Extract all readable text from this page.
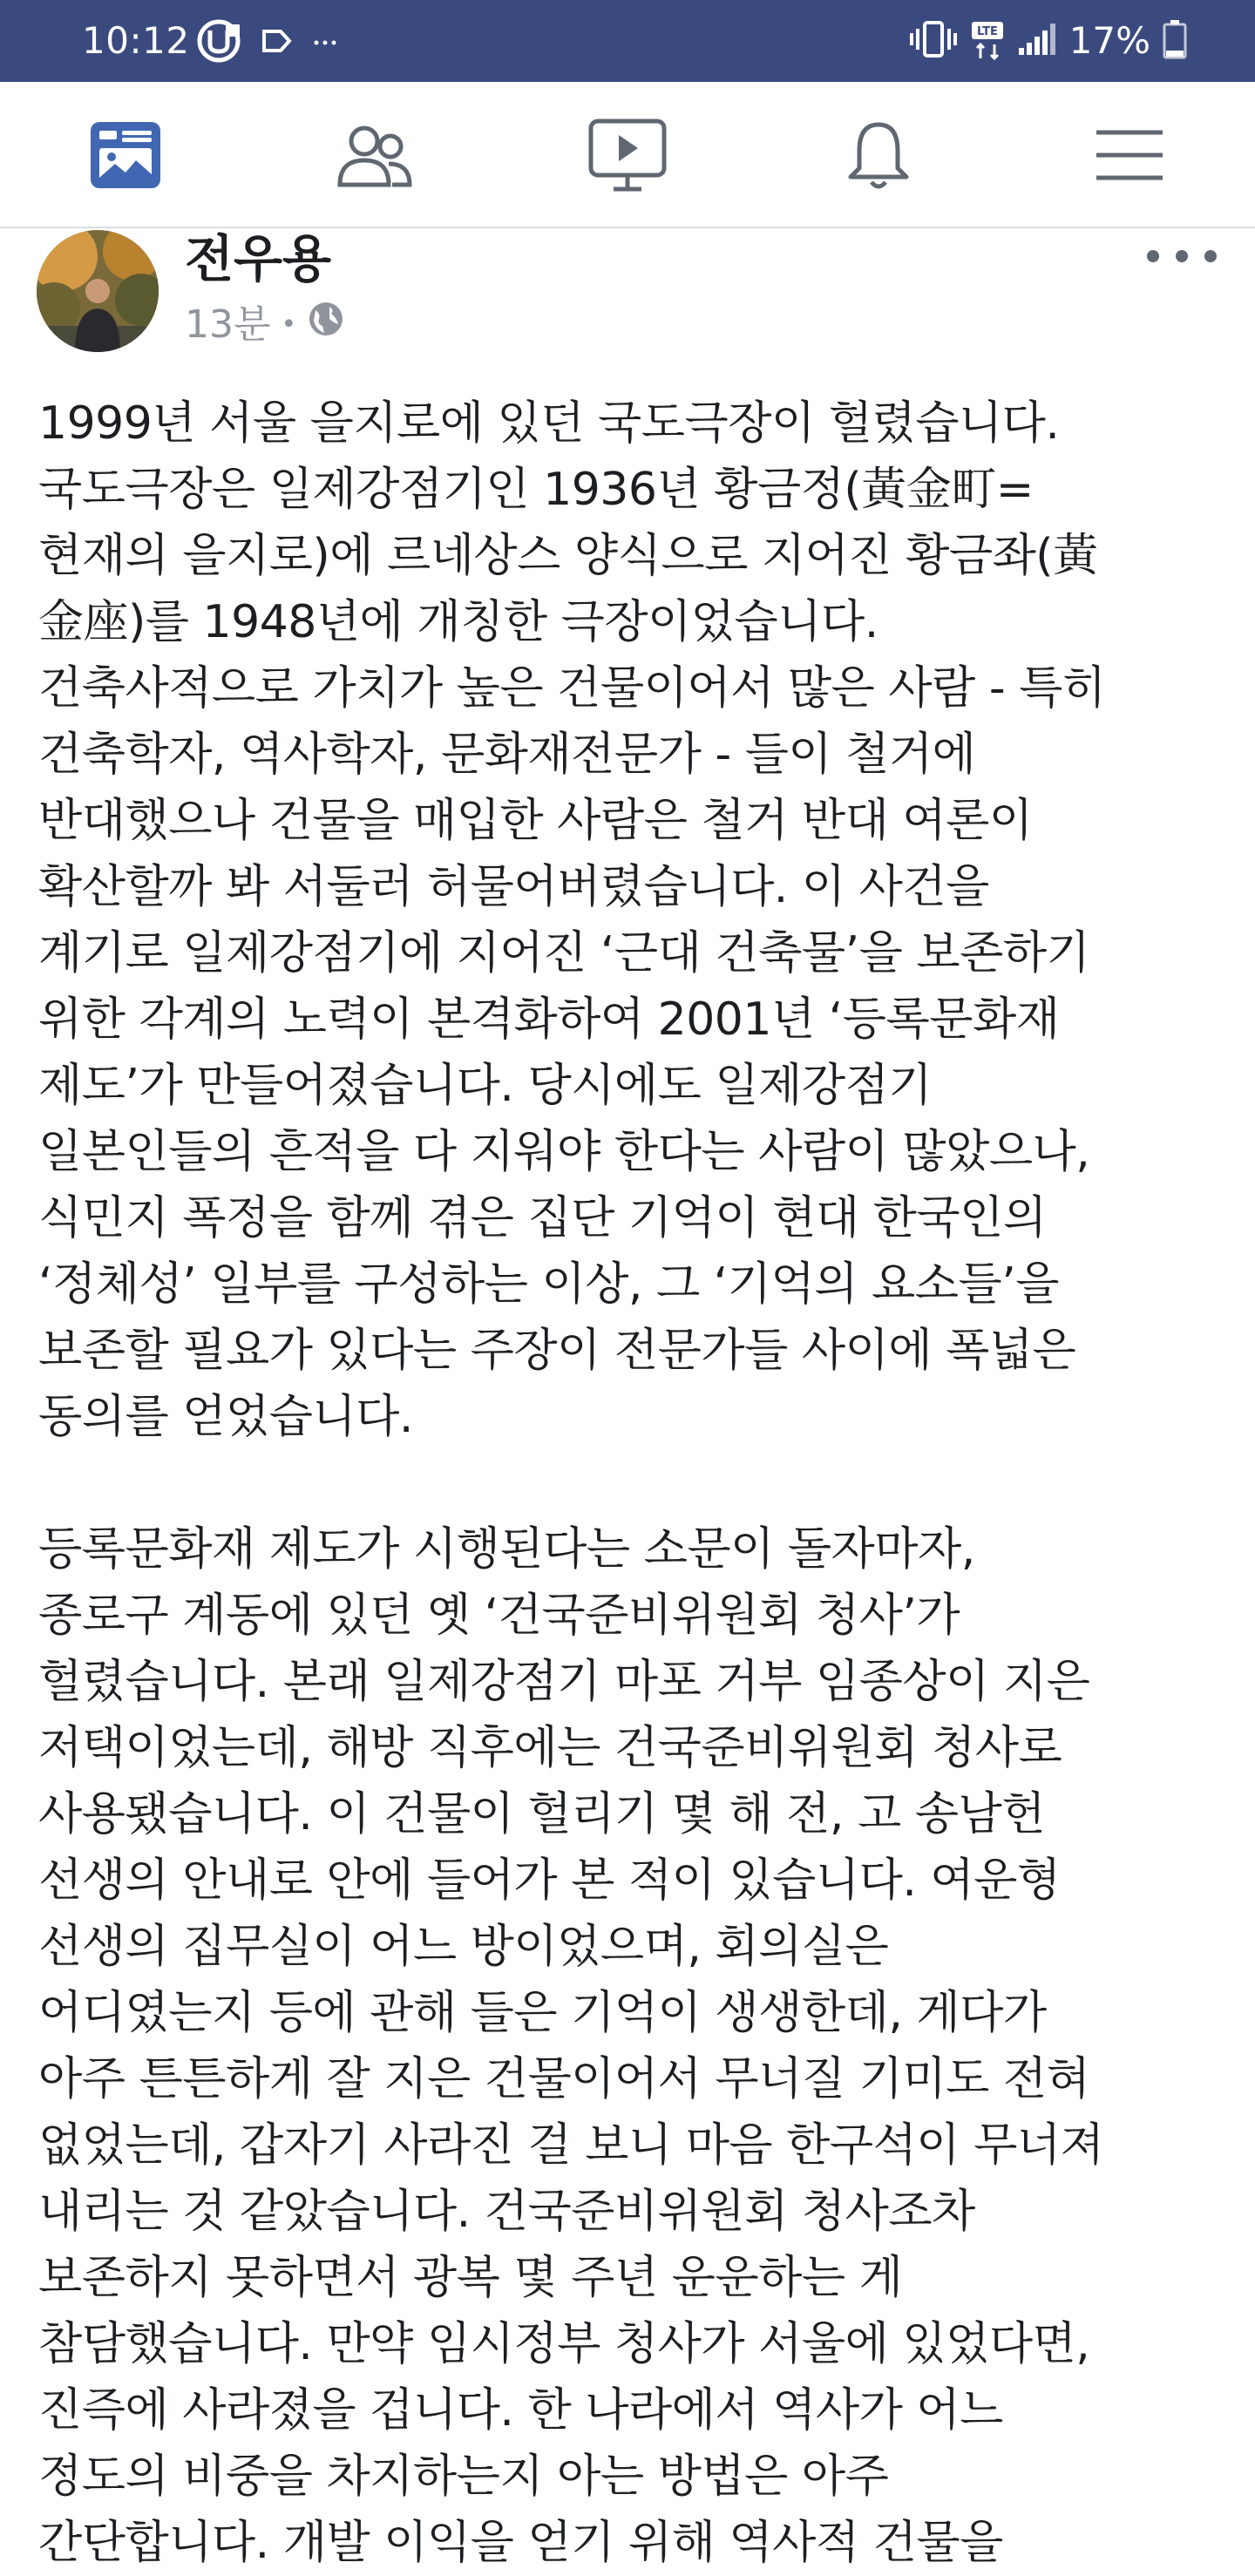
10:12	LTE 17%
전우용
13분 •

1999년 서울 을지로에 있던 국도극장이 헐렸습니다.

국도극장은 일제강점기인 1936년 황금정(黃金町=

현재의 을지로)에 르네상스 양식으로 지어진 황금좌(黃

金座)를 1948년에 개칭한 극장이었습니다.

건축사적으로 가치가 높은 건물이어서 많은 사람 - 특히

건축학자, 역사학자, 문화재전문가 - 들이 철거에

반대했으나 건물을 매입한 사람은 철거 반대 여론이

확산할까 봐 서둘러 허물어버렸습니다. 이 사건을

계기로 일제강점기에 지어진 ‘근대 건축물’을 보존하기

위한 각계의 노력이 본격화하여 2001년 ‘등록문화재

제도’가 만들어졌습니다. 당시에도 일제강점기

일본인들의 흔적을 다 지워야 한다는 사람이 많았으나,

식민지 폭정을 함께 겪은 집단 기억이 현대 한국인의

‘정체성’ 일부를 구성하는 이상, 그 ‘기억의 요소들’을

보존할 필요가 있다는 주장이 전문가들 사이에 폭넓은

동의를 얻었습니다.

등록문화재 제도가 시행된다는 소문이 돌자마자,

종로구 계동에 있던 옛 ‘건국준비위원회 청사’가

헐렸습니다. 본래 일제강점기 마포 거부 임종상이 지은

저택이었는데, 해방 직후에는 건국준비위원회 청사로

사용됐습니다. 이 건물이 헐리기 몇 해 전, 고 송남헌

선생의 안내로 안에 들어가 본 적이 있습니다. 여운형

선생의 집무실이 어느 방이었으며, 회의실은

어디였는지 등에 관해 들은 기억이 생생한데, 게다가

아주 튼튼하게 잘 지은 건물이어서 무너질 기미도 전혀

없었는데, 갑자기 사라진 걸 보니 마음 한구석이 무너져

내리는 것 같았습니다. 건국준비위원회 청사조차

보존하지 못하면서 광복 몇 주년 운운하는 게

참담했습니다. 만약 임시정부 청사가 서울에 있었다면,

진즉에 사라졌을 겁니다. 한 나라에서 역사가 어느

정도의 비중을 차지하는지 아는 방법은 아주

간단합니다. 개발 이익을 얻기 위해 역사적 건물을
